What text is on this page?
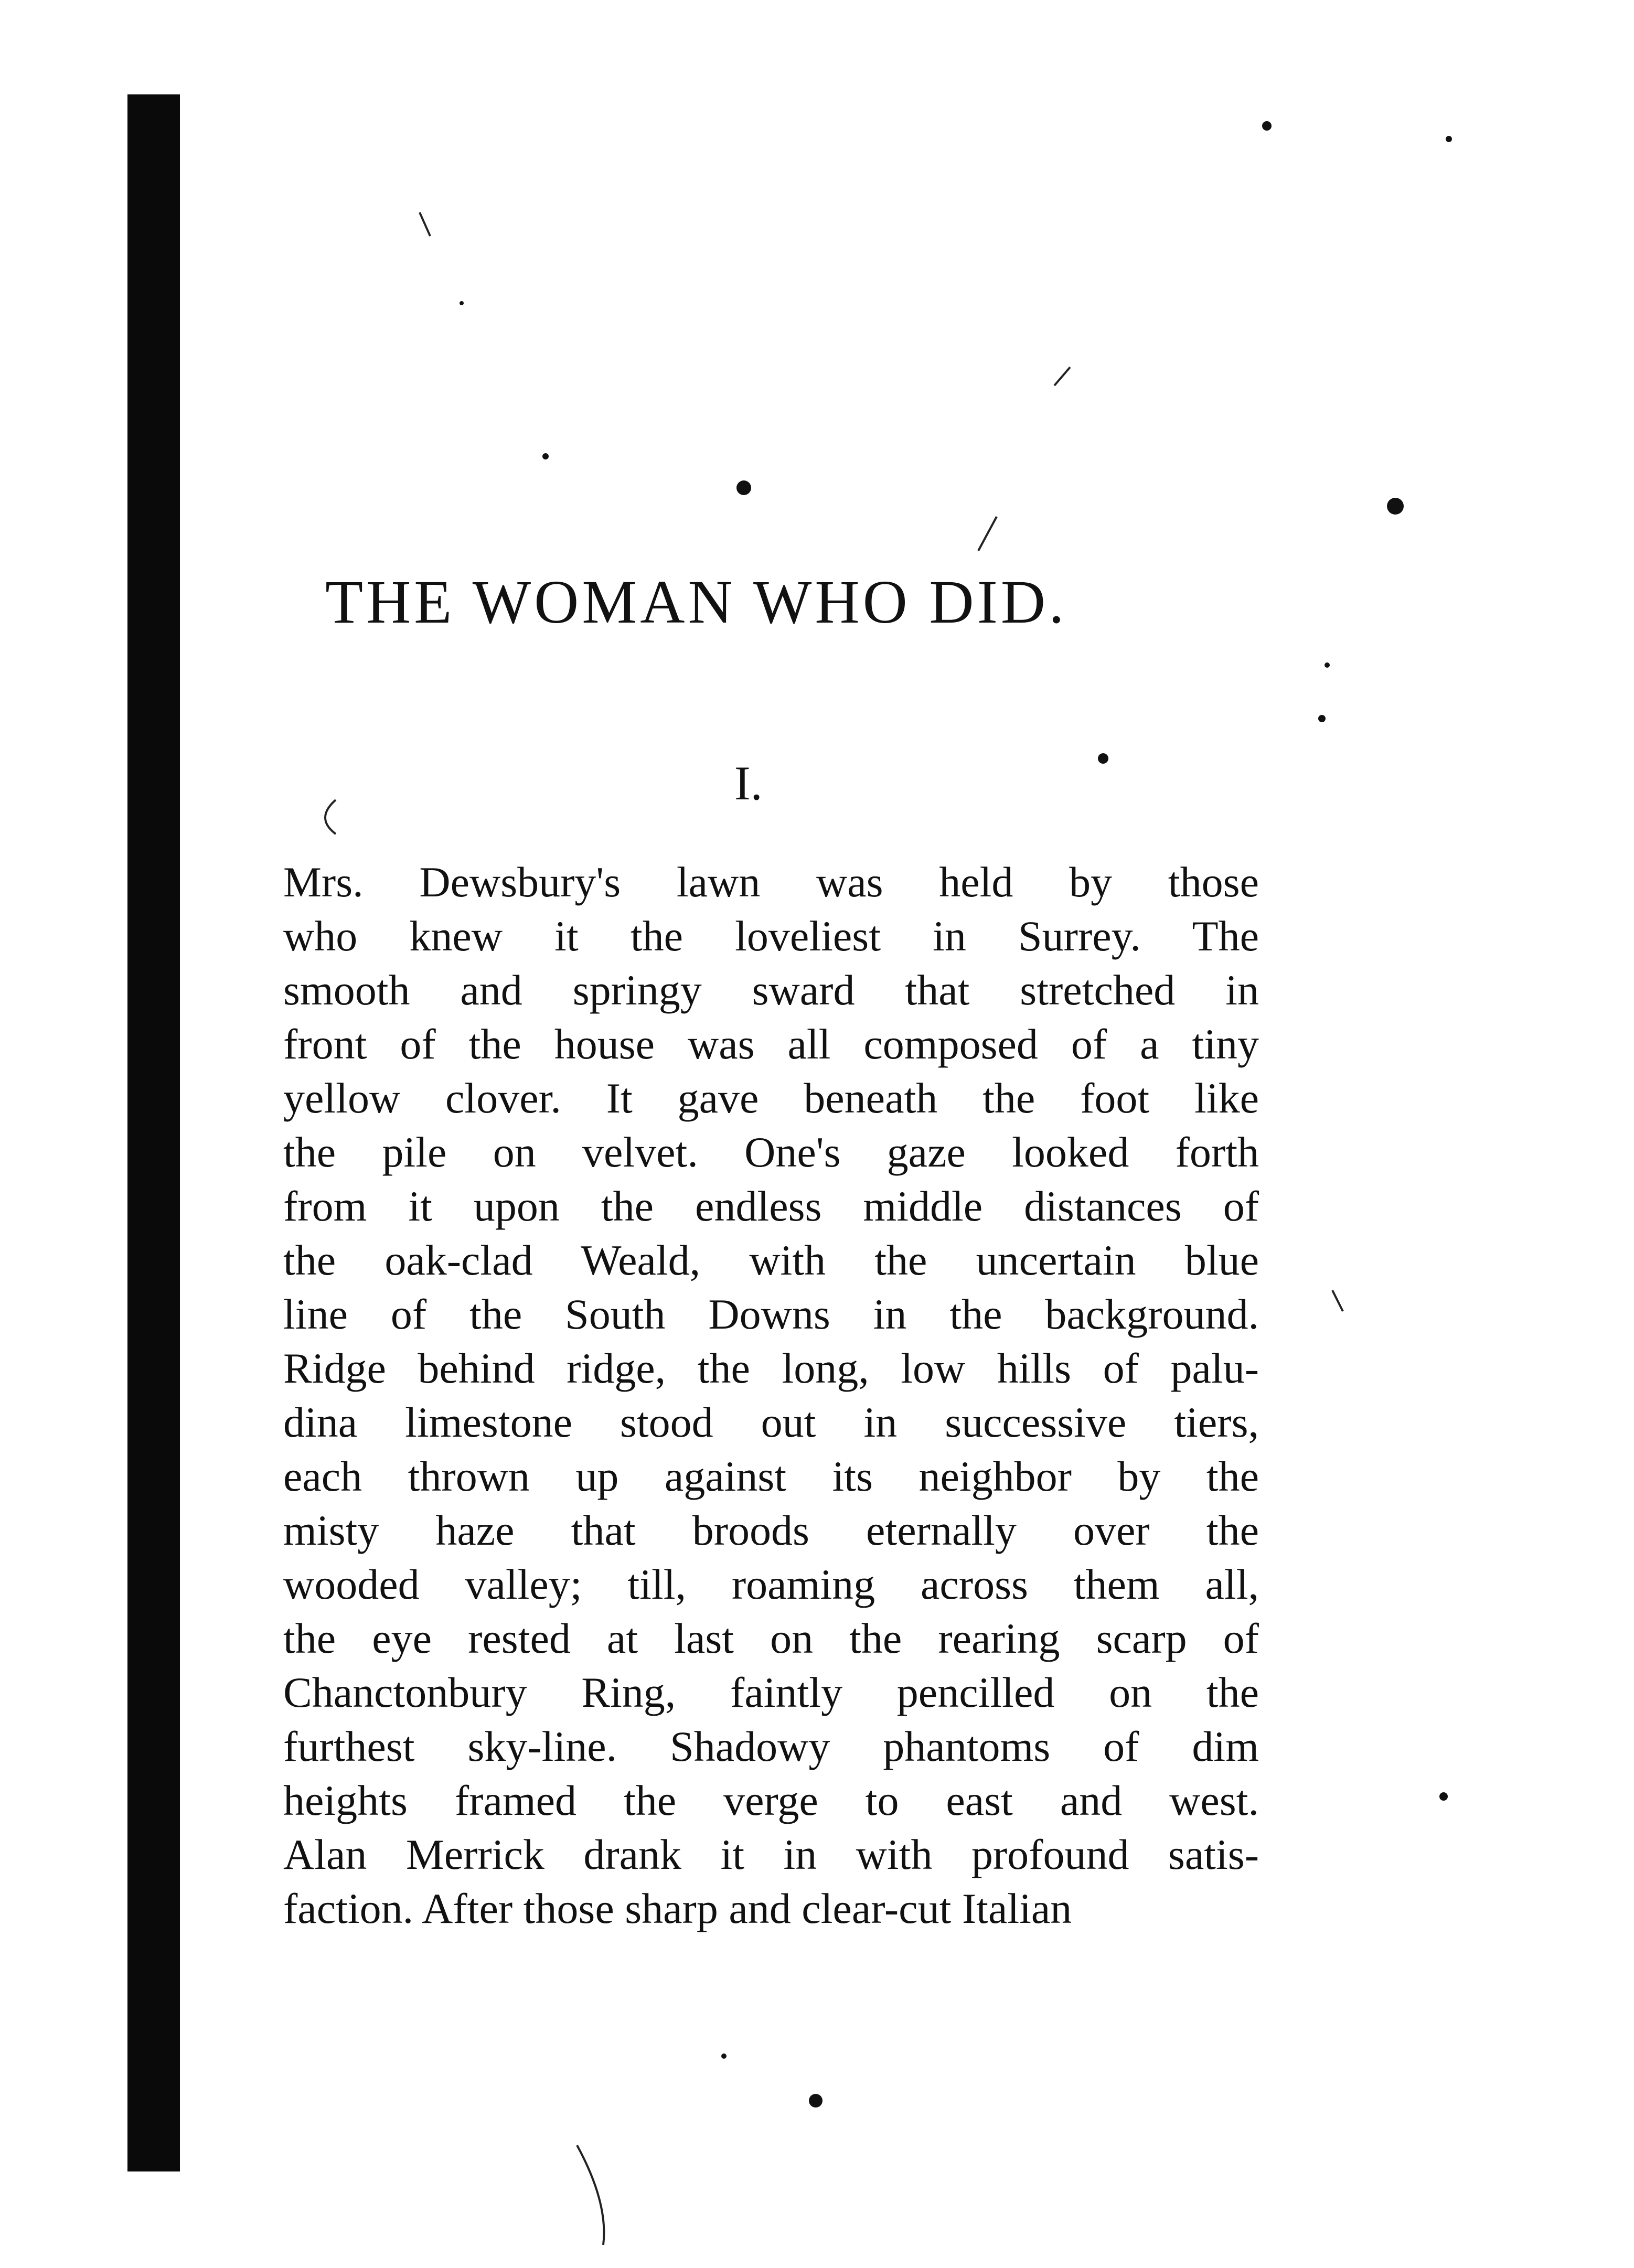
THE WOMAN WHO DID.
I.
Mrs. Dewsbury's lawn was held by those
who knew it the loveliest in Surrey. The
smooth and springy sward that stretched in
front of the house was all composed of a tiny
yellow clover. It gave beneath the foot like
the pile on velvet. One's gaze looked forth
from it upon the endless middle distances of
the oak-clad Weald, with the uncertain blue
line of the South Downs in the background.
Ridge behind ridge, the long, low hills of palu-
dina limestone stood out in successive tiers,
each thrown up against its neighbor by the
misty haze that broods eternally over the
wooded valley; till, roaming across them all,
the eye rested at last on the rearing scarp of
Chanctonbury Ring, faintly pencilled on the
furthest sky-line. Shadowy phantoms of dim
heights framed the verge to east and west.
Alan Merrick drank it in with profound satis-
faction. After those sharp and clear-cut Italian
